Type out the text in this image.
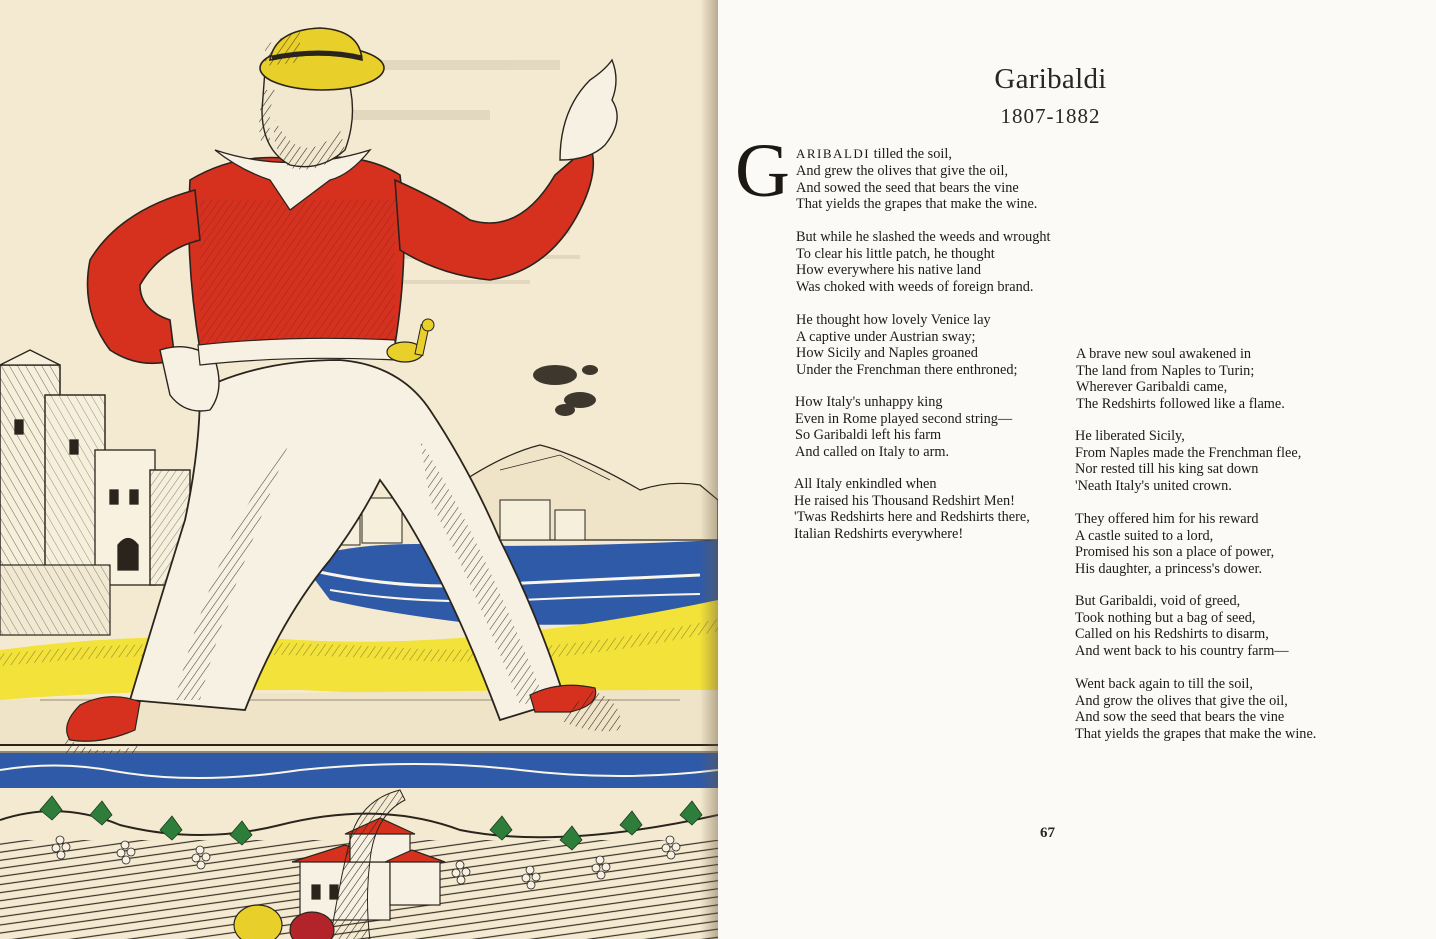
Garibaldi
1807-1882
G ARIBALDI tilled the soil,
And grew the olives that give the oil,
And sowed the seed that bears the vine
That yields the grapes that make the wine.
But while he slashed the weeds and wrought
To clear his little patch, he thought
How everywhere his native land
Was choked with weeds of foreign brand.
He thought how lovely Venice lay
A captive under Austrian sway;
How Sicily and Naples groaned
Under the Frenchman there enthroned;
How Italy's unhappy king
Even in Rome played second string—
So Garibaldi left his farm
And called on Italy to arm.
All Italy enkindled when
He raised his Thousand Redshirt Men!
'Twas Redshirts here and Redshirts there,
Italian Redshirts everywhere!
A brave new soul awakened in
The land from Naples to Turin;
Wherever Garibaldi came,
The Redshirts followed like a flame.
He liberated Sicily,
From Naples made the Frenchman flee,
Nor rested till his king sat down
'Neath Italy's united crown.
They offered him for his reward
A castle suited to a lord,
Promised his son a place of power,
His daughter, a princess's dower.
But Garibaldi, void of greed,
Took nothing but a bag of seed,
Called on his Redshirts to disarm,
And went back to his country farm—
Went back again to till the soil,
And grow the olives that give the oil,
And sow the seed that bears the vine
That yields the grapes that make the wine.
67
